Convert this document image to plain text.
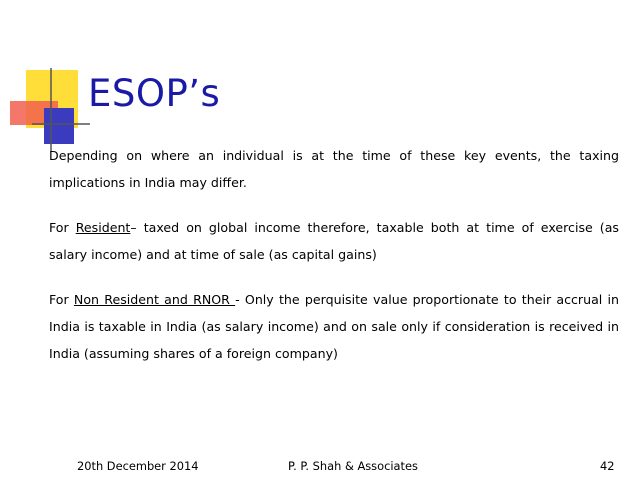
ESOP’s

Depending on where an individual is at the time of these key events, the taxing implications in India may differ.

For Resident– taxed on global income therefore, taxable both at time of exercise (as salary income) and at time of sale (as capital gains)

For Non Resident and RNOR - Only the perquisite value proportionate to their accrual in India is taxable in India (as salary income) and on sale only if consideration is received in India (assuming shares of a foreign company)

20th December 2014	P. P. Shah & Associates	42
